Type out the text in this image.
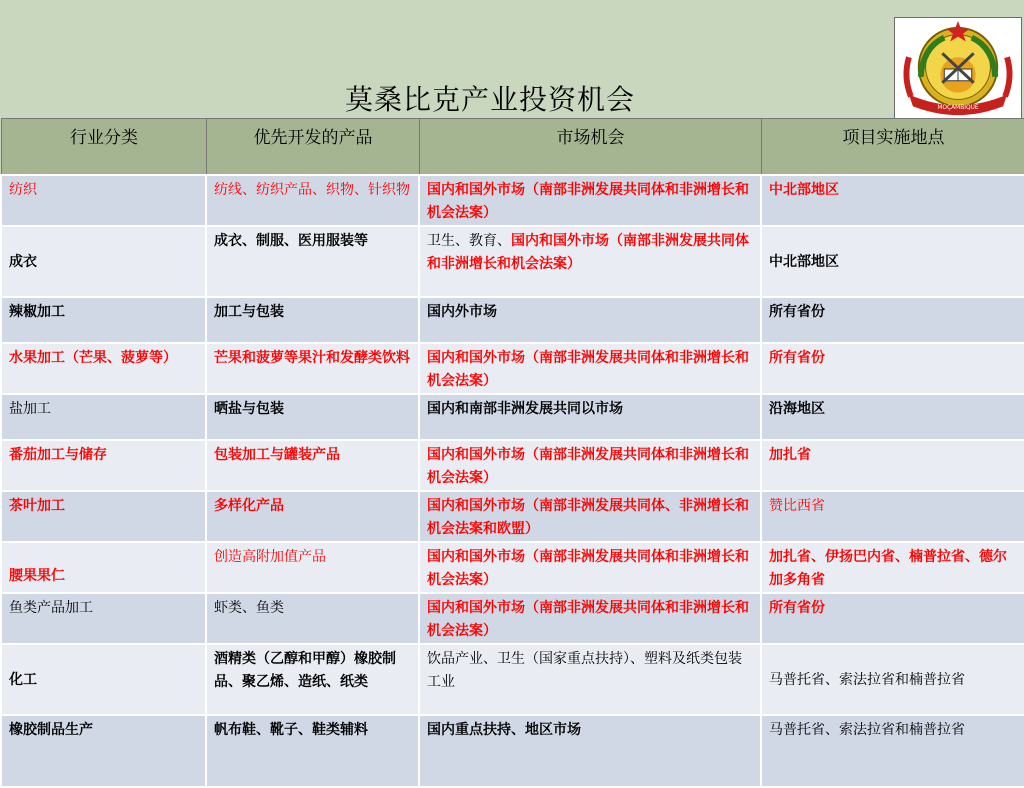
莫桑比克产业投资机会	MOÇAMBIQUE
行业分类	优先开发的产品	市场机会	项目实施地点
纺织	纺线、纺织产品、织物、针织物	国内和国外市场（南部非洲发展共同体和非洲增长和机会法案）	中北部地区
成衣	成衣、制服、医用服装等	卫生、教育、国内和国外市场（南部非洲发展共同体和非洲增长和机会法案）	中北部地区
辣椒加工	加工与包装	国内外市场	所有省份
水果加工（芒果、菠萝等）	芒果和菠萝等果汁和发酵类饮料	国内和国外市场（南部非洲发展共同体和非洲增长和机会法案）	所有省份
盐加工	晒盐与包装	国内和南部非洲发展共同以市场	沿海地区
番茄加工与储存	包装加工与罐装产品	国内和国外市场（南部非洲发展共同体和非洲增长和机会法案）	加扎省
茶叶加工	多样化产品	国内和国外市场（南部非洲发展共同体、非洲增长和机会法案和欧盟）	赞比西省
腰果果仁	创造高附加值产品	国内和国外市场（南部非洲发展共同体和非洲增长和机会法案）	加扎省、伊扬巴内省、楠普拉省、德尔加多角省
鱼类产品加工	虾类、鱼类	国内和国外市场（南部非洲发展共同体和非洲增长和机会法案）	所有省份
化工	酒精类（乙醇和甲醇）橡胶制品、聚乙烯、造纸、纸类	饮品产业、卫生（国家重点扶持）、塑料及纸类包装工业	马普托省、索法拉省和楠普拉省
橡胶制品生产	帆布鞋、靴子、鞋类辅料	国内重点扶持、地区市场	马普托省、索法拉省和楠普拉省
